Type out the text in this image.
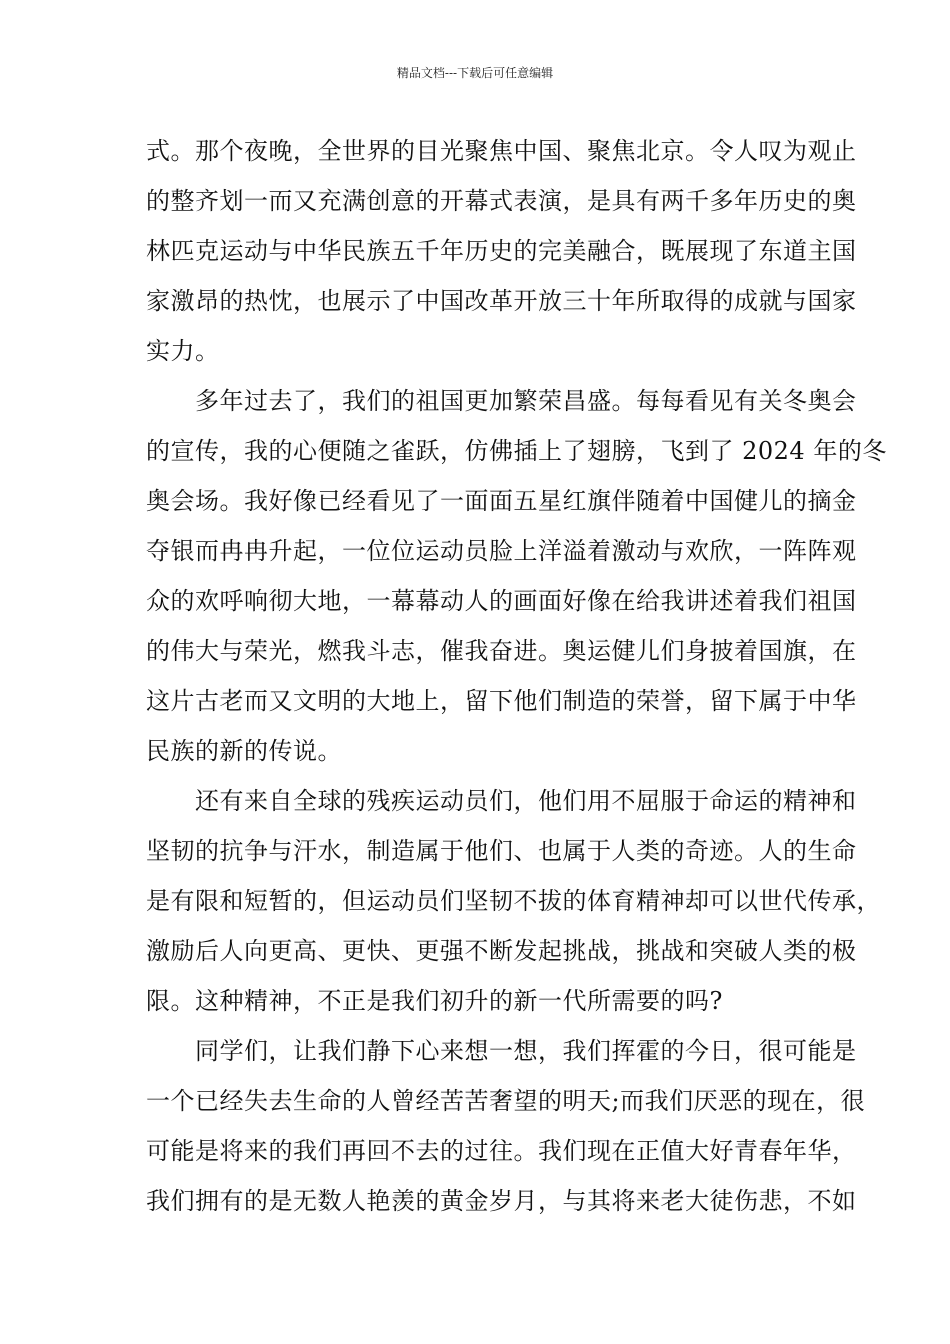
精品文档---下载后可任意编辑
式。那个夜晚，全世界的目光聚焦中国、聚焦北京。令人叹为观止
的整齐划一而又充满创意的开幕式表演，是具有两千多年历史的奥
林匹克运动与中华民族五千年历史的完美融合，既展现了东道主国
家激昂的热忱，也展示了中国改革开放三十年所取得的成就与国家
实力。
　　多年过去了，我们的祖国更加繁荣昌盛。每每看见有关冬奥会
的宣传，我的心便随之雀跃，仿佛插上了翅膀，飞到了 2024 年的冬
奥会场。我好像已经看见了一面面五星红旗伴随着中国健儿的摘金
夺银而冉冉升起，一位位运动员脸上洋溢着激动与欢欣，一阵阵观
众的欢呼响彻大地，一幕幕动人的画面好像在给我讲述着我们祖国
的伟大与荣光，燃我斗志，催我奋进。奥运健儿们身披着国旗，在
这片古老而又文明的大地上，留下他们制造的荣誉，留下属于中华
民族的新的传说。
　　还有来自全球的残疾运动员们，他们用不屈服于命运的精神和
坚韧的抗争与汗水，制造属于他们、也属于人类的奇迹。人的生命
是有限和短暂的，但运动员们坚韧不拔的体育精神却可以世代传承，
激励后人向更高、更快、更强不断发起挑战，挑战和突破人类的极
限。这种精神，不正是我们初升的新一代所需要的吗?
　　同学们，让我们静下心来想一想，我们挥霍的今日，很可能是
一个已经失去生命的人曾经苦苦奢望的明天;而我们厌恶的现在，很
可能是将来的我们再回不去的过往。我们现在正值大好青春年华，
我们拥有的是无数人艳羡的黄金岁月，与其将来老大徒伤悲，不如
